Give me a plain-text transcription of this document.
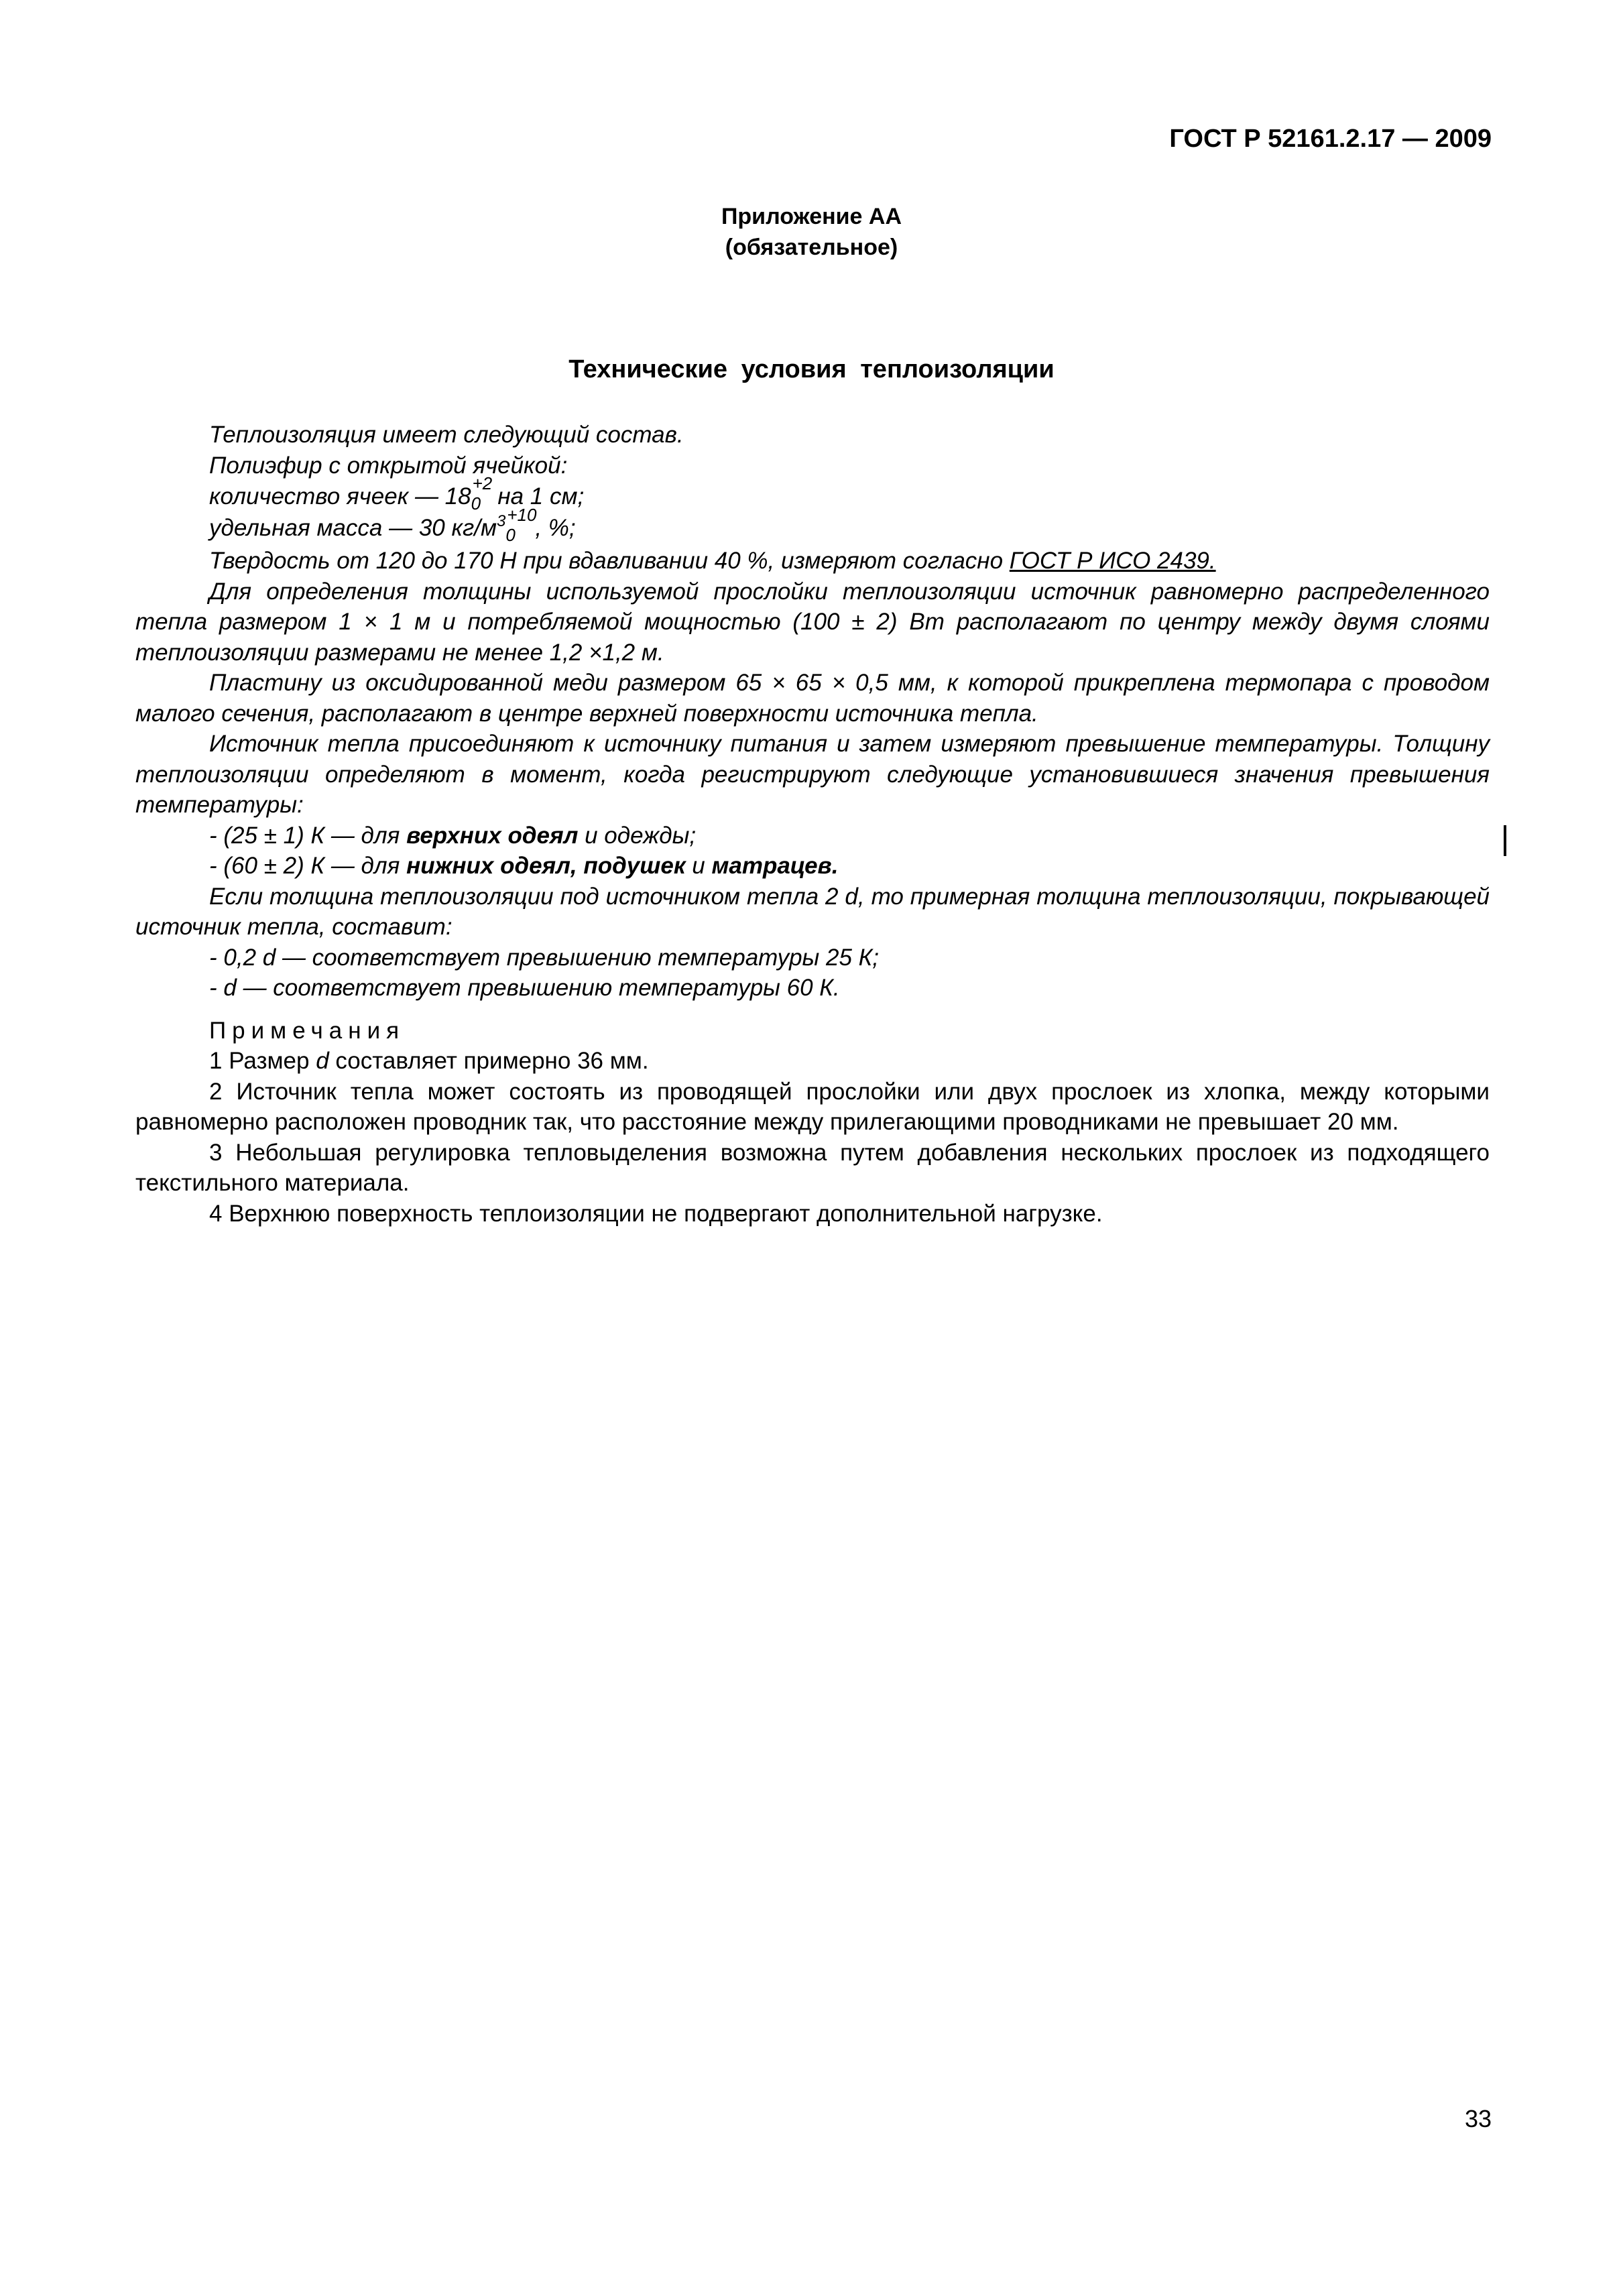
ГОСТ Р 52161.2.17 — 2009
Приложение АА
(обязательное)
Технические условия теплоизоляции

Теплоизоляция имеет следующий состав.

Полиэфир с открытой ячейкой:

количество ячеек — 18 +2
0 на 1 см;

удельная масса — 30 $кг/м^3 +10$
0 , %;

Твердость от 120 до 170 Н при вдавливании 40 %, измеряют согласно ГОСТ Р ИСО 2439.

Для определения толщины используемой прослойки теплоизоляции источник равномерно распределенного тепла размером 1 × 1 м и потребляемой мощностью (100 ± 2) Вт располагают по центру между двумя слоями теплоизоляции размерами не менее 1,2 ×1,2 м.

Пластину из оксидированной меди размером 65 × 65 × 0,5 мм, к которой прикреплена термопара с проводом малого сечения, располагают в центре верхней поверхности источника тепла.

Источник тепла присоединяют к источнику питания и затем измеряют превышение температуры. Толщину теплоизоляции определяют в момент, когда регистрируют следующие установившиеся значения превышения температуры:

- (25 ± 1) К — для верхних одеял и одежды;

- (60 ± 2) К — для нижних одеял, подушек и матрацев.

Если толщина теплоизоляции под источником тепла 2 d, то примерная толщина теплоизоляции, покрывающей источник тепла, составит:

- 0,2 d — соответствует превышению температуры 25 К;

- d — соответствует превышению температуры 60 К.

Примечания

1 Размер d составляет примерно 36 мм.

2 Источник тепла может состоять из проводящей прослойки или двух прослоек из хлопка, между которыми равномерно расположен проводник так, что расстояние между прилегающими проводниками не превышает 20 мм.

3 Небольшая регулировка тепловыделения возможна путем добавления нескольких прослоек из подходящего текстильного материала.

4 Верхнюю поверхность теплоизоляции не подвергают дополнительной нагрузке.

33
